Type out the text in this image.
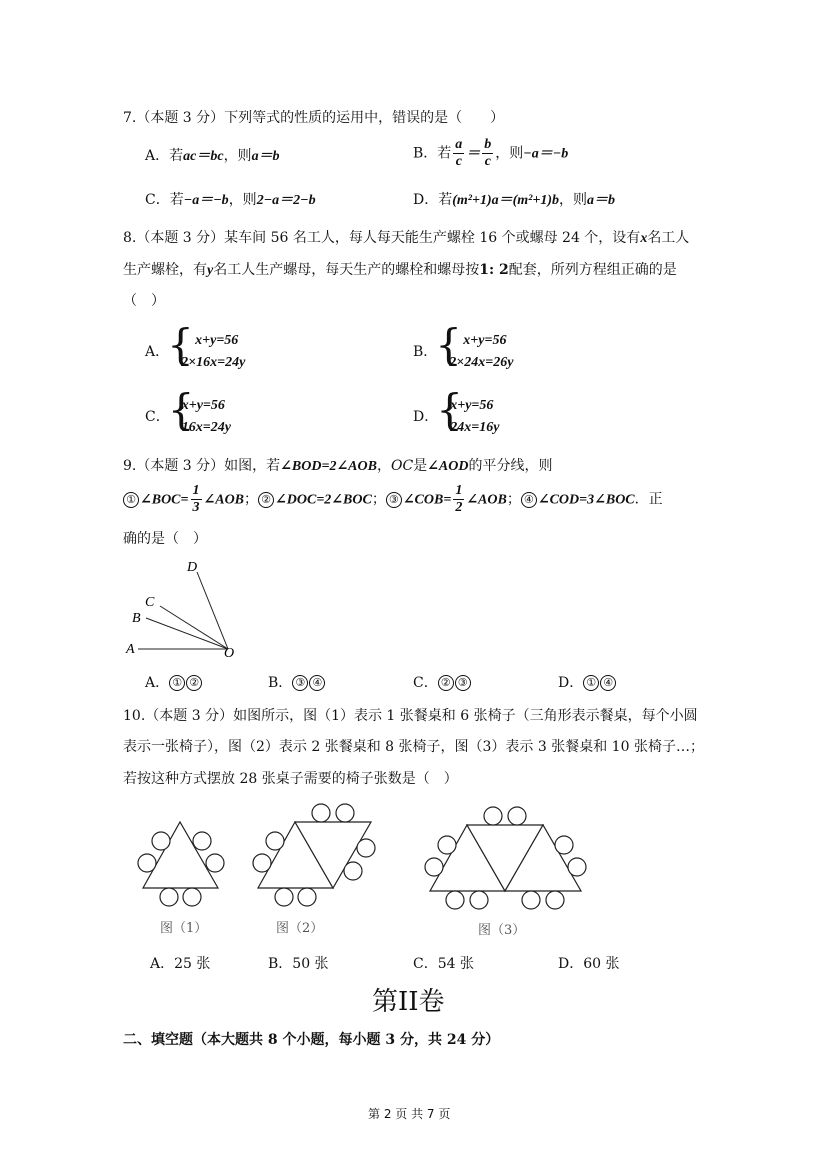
7.（本题 3 分）下列等式的性质的运用中，错误的是（　　）
A．若ac＝bc，则a＝b	B．若 $\frac{a}{c} = \frac{b}{c}$ ，则−a＝−b
C．若−a＝−b，则2−a＝2−b	D．若(m²+1)a＝(m²+1)b，则a＝b
8.（本题 3 分）某车间 56 名工人，每人每天能生产螺栓 16 个或螺母 24 个，设有x名工人
生产螺栓，有y名工人生产螺母，每天生产的螺栓和螺母按1: 2配套，所列方程组正确的是
（　）
A．
{ x+y=56
2×16x=24y
B．
{ x+y=56
2×24x=26y
C．
{ x+y=56
16x=24y
D．
{ x+y=56
24x=16y
9.（本题 3 分）如图，若∠BOD=2∠AOB，OC是∠AOD的平分线，则
① ∠BOC= $\frac{1}{3}$ ∠AOB； ② ∠DOC=2∠BOC； ③ ∠COB= $\frac{1}{2}$ ∠AOB； ④ ∠COD=3∠BOC．正
确的是（　）
A
B
C
D
O
A． ① ②	B． ③ ④	C． ② ③	D． ① ④
10.（本题 3 分）如图所示，图（1）表示 1 张餐桌和 6 张椅子（三角形表示餐桌，每个小圆
表示一张椅子），图（2）表示 2 张餐桌和 8 张椅子，图（3）表示 3 张餐桌和 10 张椅子…；
若按这种方式摆放 28 张桌子需要的椅子张数是（　）
图（1）	图（2）	图（3）
A．25 张	B．50 张	C．54 张	D．60 张
第II卷
二、填空题（本大题共 8 个小题，每小题 3 分，共 24 分）
第 2 页 共 7 页
